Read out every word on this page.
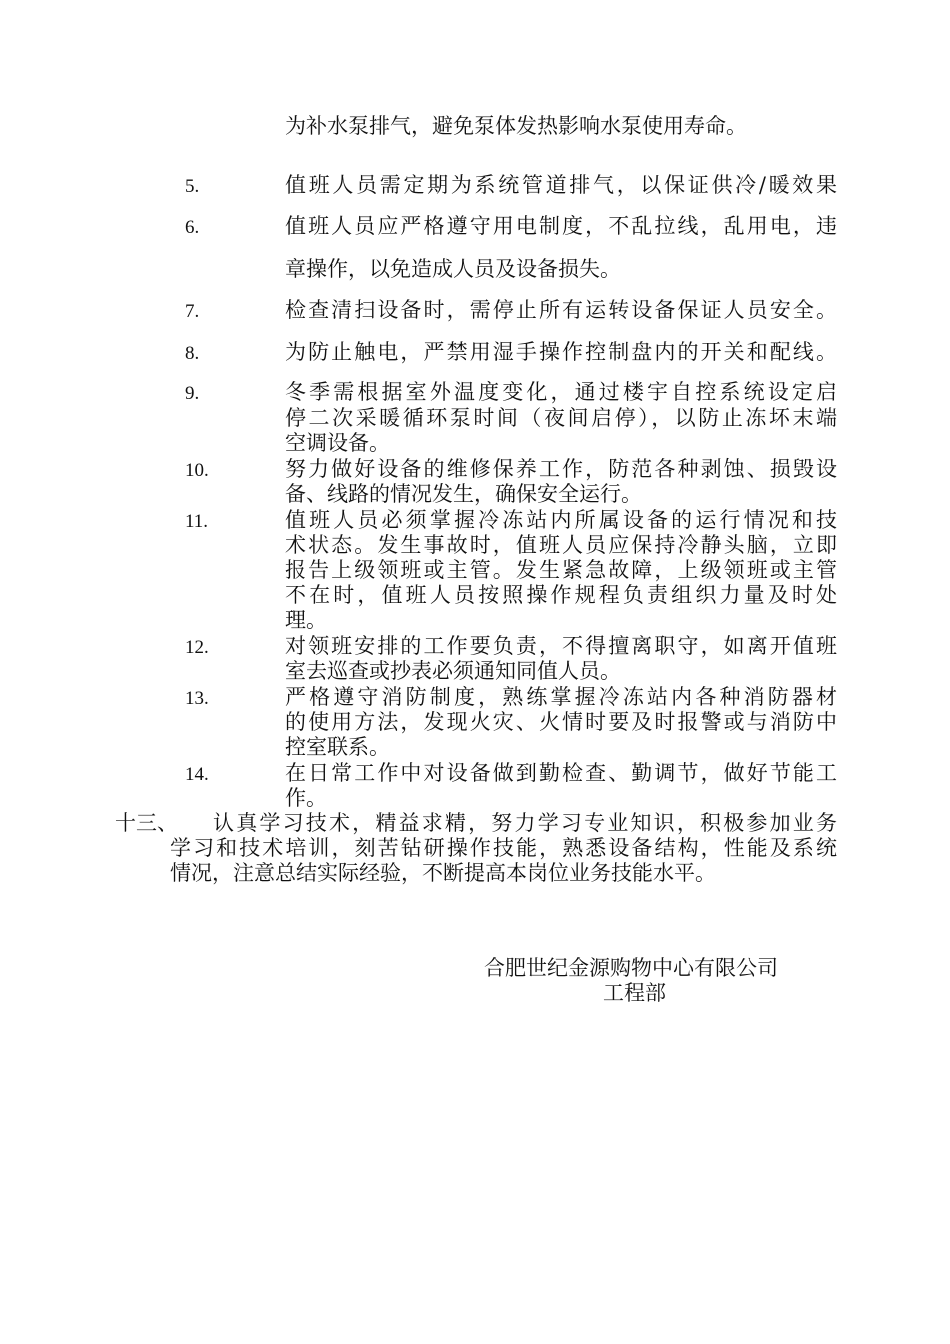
为补水泵排气，避免泵体发热影响水泵使用寿命。
5.	值班人员需定期为系统管道排气，以保证供冷/暖效果
6.	值班人员应严格遵守用电制度，不乱拉线，乱用电，违
章操作，以免造成人员及设备损失。
7.	检查清扫设备时，需停止所有运转设备保证人员安全。
8.	为防止触电，严禁用湿手操作控制盘内的开关和配线。
9.	冬季需根据室外温度变化，通过楼宇自控系统设定启
停二次采暖循环泵时间（夜间启停），以防止冻坏末端
空调设备。
10.	努力做好设备的维修保养工作，防范各种剥蚀、损毁设
备、线路的情况发生，确保安全运行。
11.	值班人员必须掌握冷冻站内所属设备的运行情况和技
术状态。发生事故时，值班人员应保持冷静头脑，立即
报告上级领班或主管。发生紧急故障，上级领班或主管
不在时，值班人员按照操作规程负责组织力量及时处
理。
12.	对领班安排的工作要负责，不得擅离职守，如离开值班
室去巡查或抄表必须通知同值人员。
13.	严格遵守消防制度，熟练掌握冷冻站内各种消防器材
的使用方法，发现火灾、火情时要及时报警或与消防中
控室联系。
14.	在日常工作中对设备做到勤检查、勤调节，做好节能工
作。
十三、 认真学习技术，精益求精，努力学习专业知识，积极参加业务
学习和技术培训，刻苦钻研操作技能，熟悉设备结构，性能及系统
情况，注意总结实际经验，不断提高本岗位业务技能水平。
合肥世纪金源购物中心有限公司
工程部
